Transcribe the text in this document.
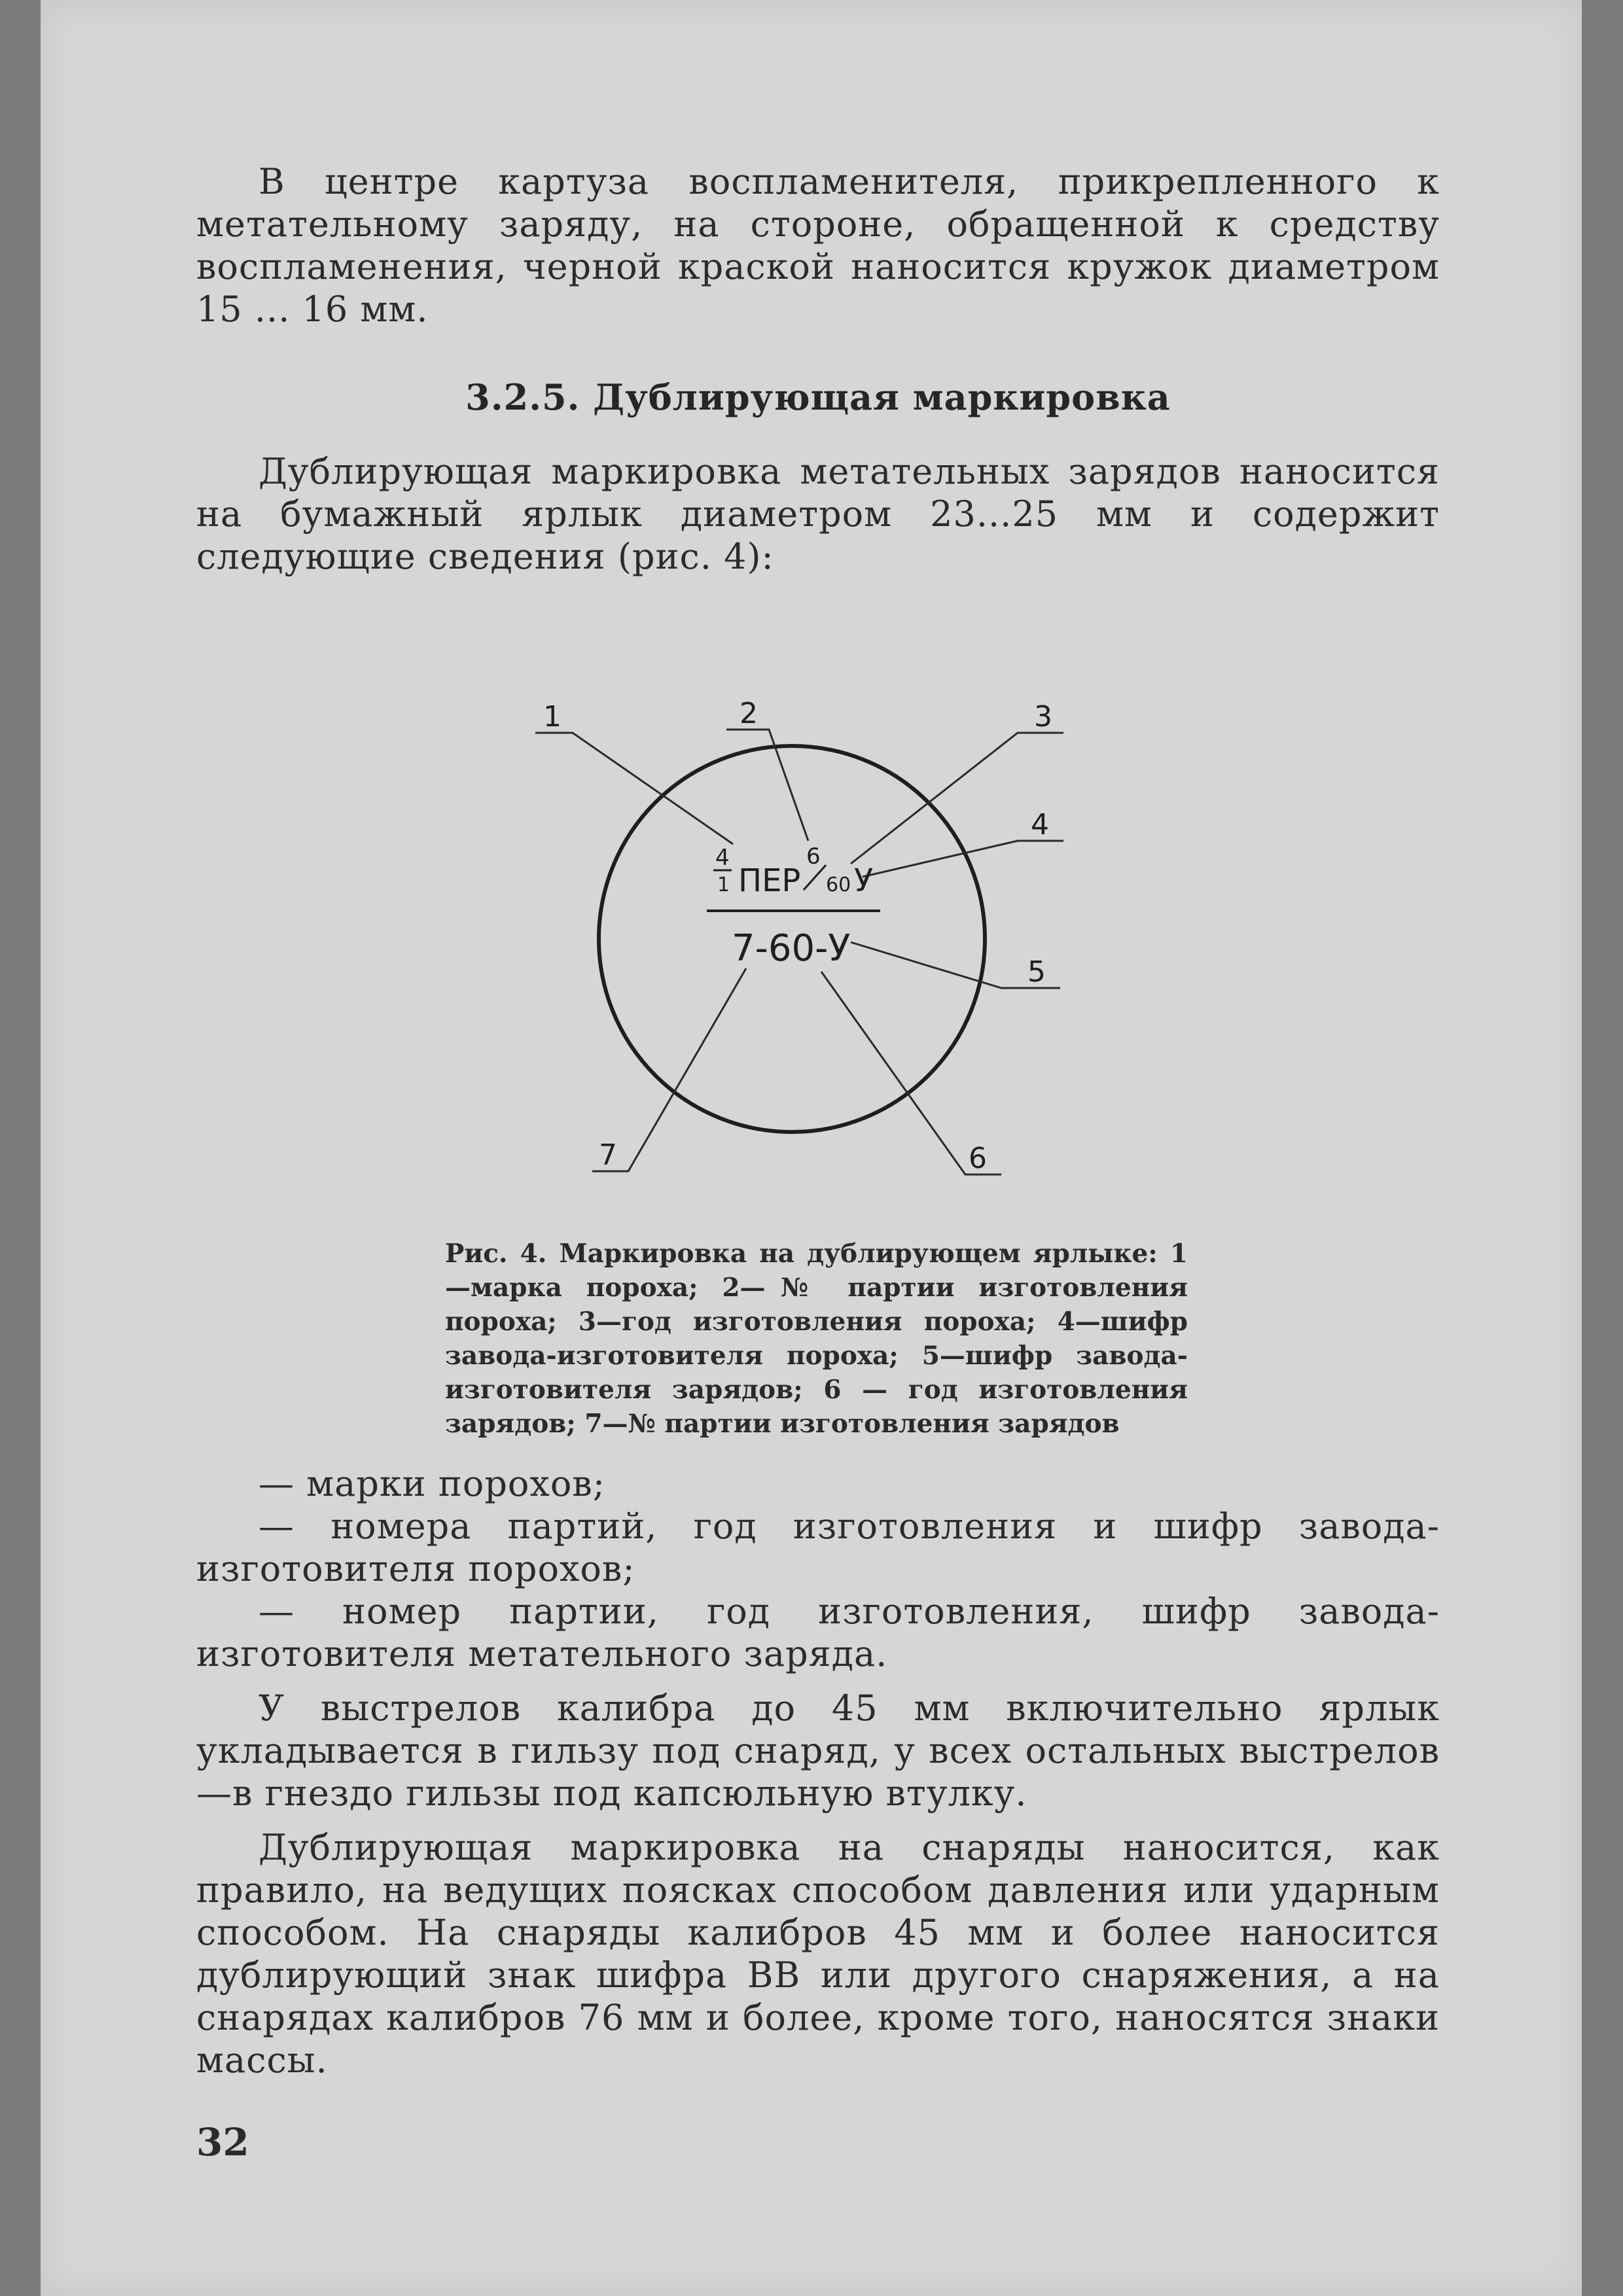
В центре картуза воспламенителя, прикрепленного к метательному заряду, на стороне, обращенной к средству воспламенения, черной краской наносится кружок диаметром 15 ... 16 мм.

3.2.5. Дублирующая маркировка

Дублирующая маркировка метательных зарядов наносится на бумажный ярлык диаметром 23...25 мм и содержит следующие сведения (рис. 4):

1	2	3
4
5
6
7
4
1 ПЕР
6
60 У
7-60-У

Рис. 4. Маркировка на дублирующем ярлыке: 1—марка пороха; 2—№ партии изготовления пороха; 3—год изготовления пороха; 4—шифр завода-изготовителя пороха; 5—шифр завода-изготовителя зарядов; 6 — год изготовления зарядов; 7—№ партии изготовления зарядов

— марки порохов;

— номера партий, год изготовления и шифр завода-изготовителя порохов;

— номер партии, год изготовления, шифр завода-изготовителя метательного заряда.

У выстрелов калибра до 45 мм включительно ярлык укладывается в гильзу под снаряд, у всех остальных выстрелов—в гнездо гильзы под капсюльную втулку.

Дублирующая маркировка на снаряды наносится, как правило, на ведущих поясках способом давления или ударным способом. На снаряды калибров 45 мм и более наносится дублирующий знак шифра ВВ или другого снаряжения, а на снарядах калибров 76 мм и более, кроме того, наносятся знаки массы.

32
